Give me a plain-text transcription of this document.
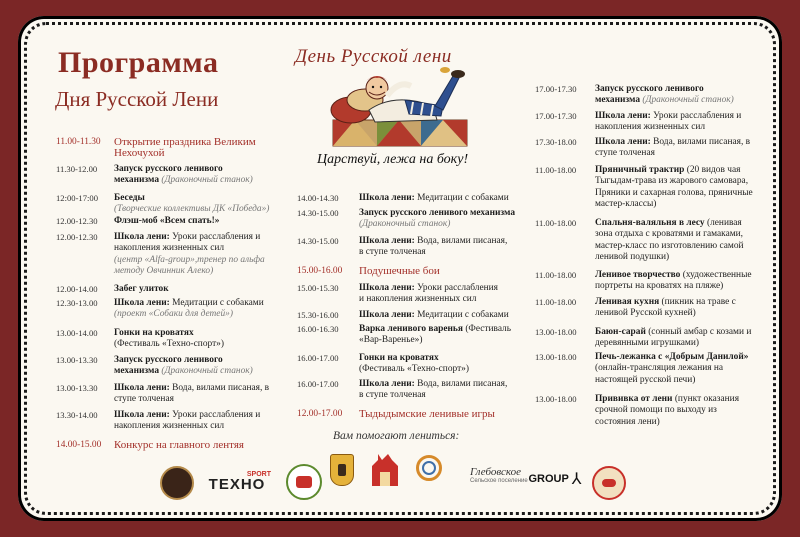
Программа
Дня Русской Лени
День Русской лени
Царствуй, лежа на боку!
11.00-11.30	Открытие праздника Великим
Нехочухой
11.30-12.00	Запуск русского ленивого
механизма (Драконочный станок)
12:00-17:00	Беседы
(Творческие коллективы ДК «Победа»)
12.00-12.30	Флэш-моб «Всем спать!»
12.00-12.30	Школа лени: Уроки расслабления и
накопления жизненных сил
(центр «Alfa-group»,тренер по альфа
методу Овчинник Алеко)
12.00-14.00	Забег улиток
12.30-13.00	Школа лени: Медитации с собаками
(проект «Собаки для детей»)
13.00-14.00	Гонки на кроватях
(Фестиваль «Техно-спорт»)
13.00-13.30	Запуск русского ленивого
механизма (Драконочный станок)
13.00-13.30	Школа лени: Вода, вилами писаная, в
ступе толченая
13.30-14.00	Школа лени: Уроки расслабления и
накопления жизненных сил
14.00-15.00	Конкурс на главного лентяя
14.00-14.30	Школа лени: Медитации с собаками
14.30-15.00	Запуск русского ленивого механизма
(Драконочный станок)
14.30-15.00	Школа лени: Вода, вилами писаная,
в ступе толченая
15.00-16.00	Подушечные бои
15.00-15.30	Школа лени: Уроки расслабления
и накопления жизненных сил
15.30-16.00	Школа лени: Медитации с собаками
16.00-16.30	Варка ленивого варенья (Фестиваль
«Вар-Варенье»)
16.00-17.00	Гонки на кроватях
(Фестиваль «Техно-спорт»)
16.00-17.00	Школа лени: Вода, вилами писаная,
в ступе толченая
12.00-17.00	Тыдыдымские ленивые игры
17.00-17.30	Запуск русского ленивого
механизма (Драконочный станок)
17.00-17.30	Школа лени: Уроки расслабления и
накопления жизненных сил
17.30-18.00	Школа лени: Вода, вилами писаная, в
ступе толченая
11.00-18.00	Пряничный трактир (20 видов чая
Тыгыдам-трава из жарового самовара,
Пряники и сахарная голова, пряничные
мастер-классы)
11.00-18.00	Спальня-валяльня в лесу (ленивая
зона отдыха с кроватями и гамаками,
мастер-класс по изготовлению самой
ленивой подушки)
11.00-18.00	Ленивое творчество (художественные
портреты на кроватях на пляже)
11.00-18.00	Ленивая кухня (пикник на траве с
ленивой Русской кухней)
13.00-18.00	Баюн-сарай (сонный амбар с козами и
деревянными игрушками)
13.00-18.00	Печь-лежанка с «Добрым Данилой»
(онлайн-трансляция лежания на
настоящей русской печи)
13.00-18.00	Прививка от лени (пункт оказания
срочной помощи по выходу из
состояния лени)
Вам помогают лениться:
SPORT
ТЕХНО
Глебовское
Сельское поселение GROUP ⅄
